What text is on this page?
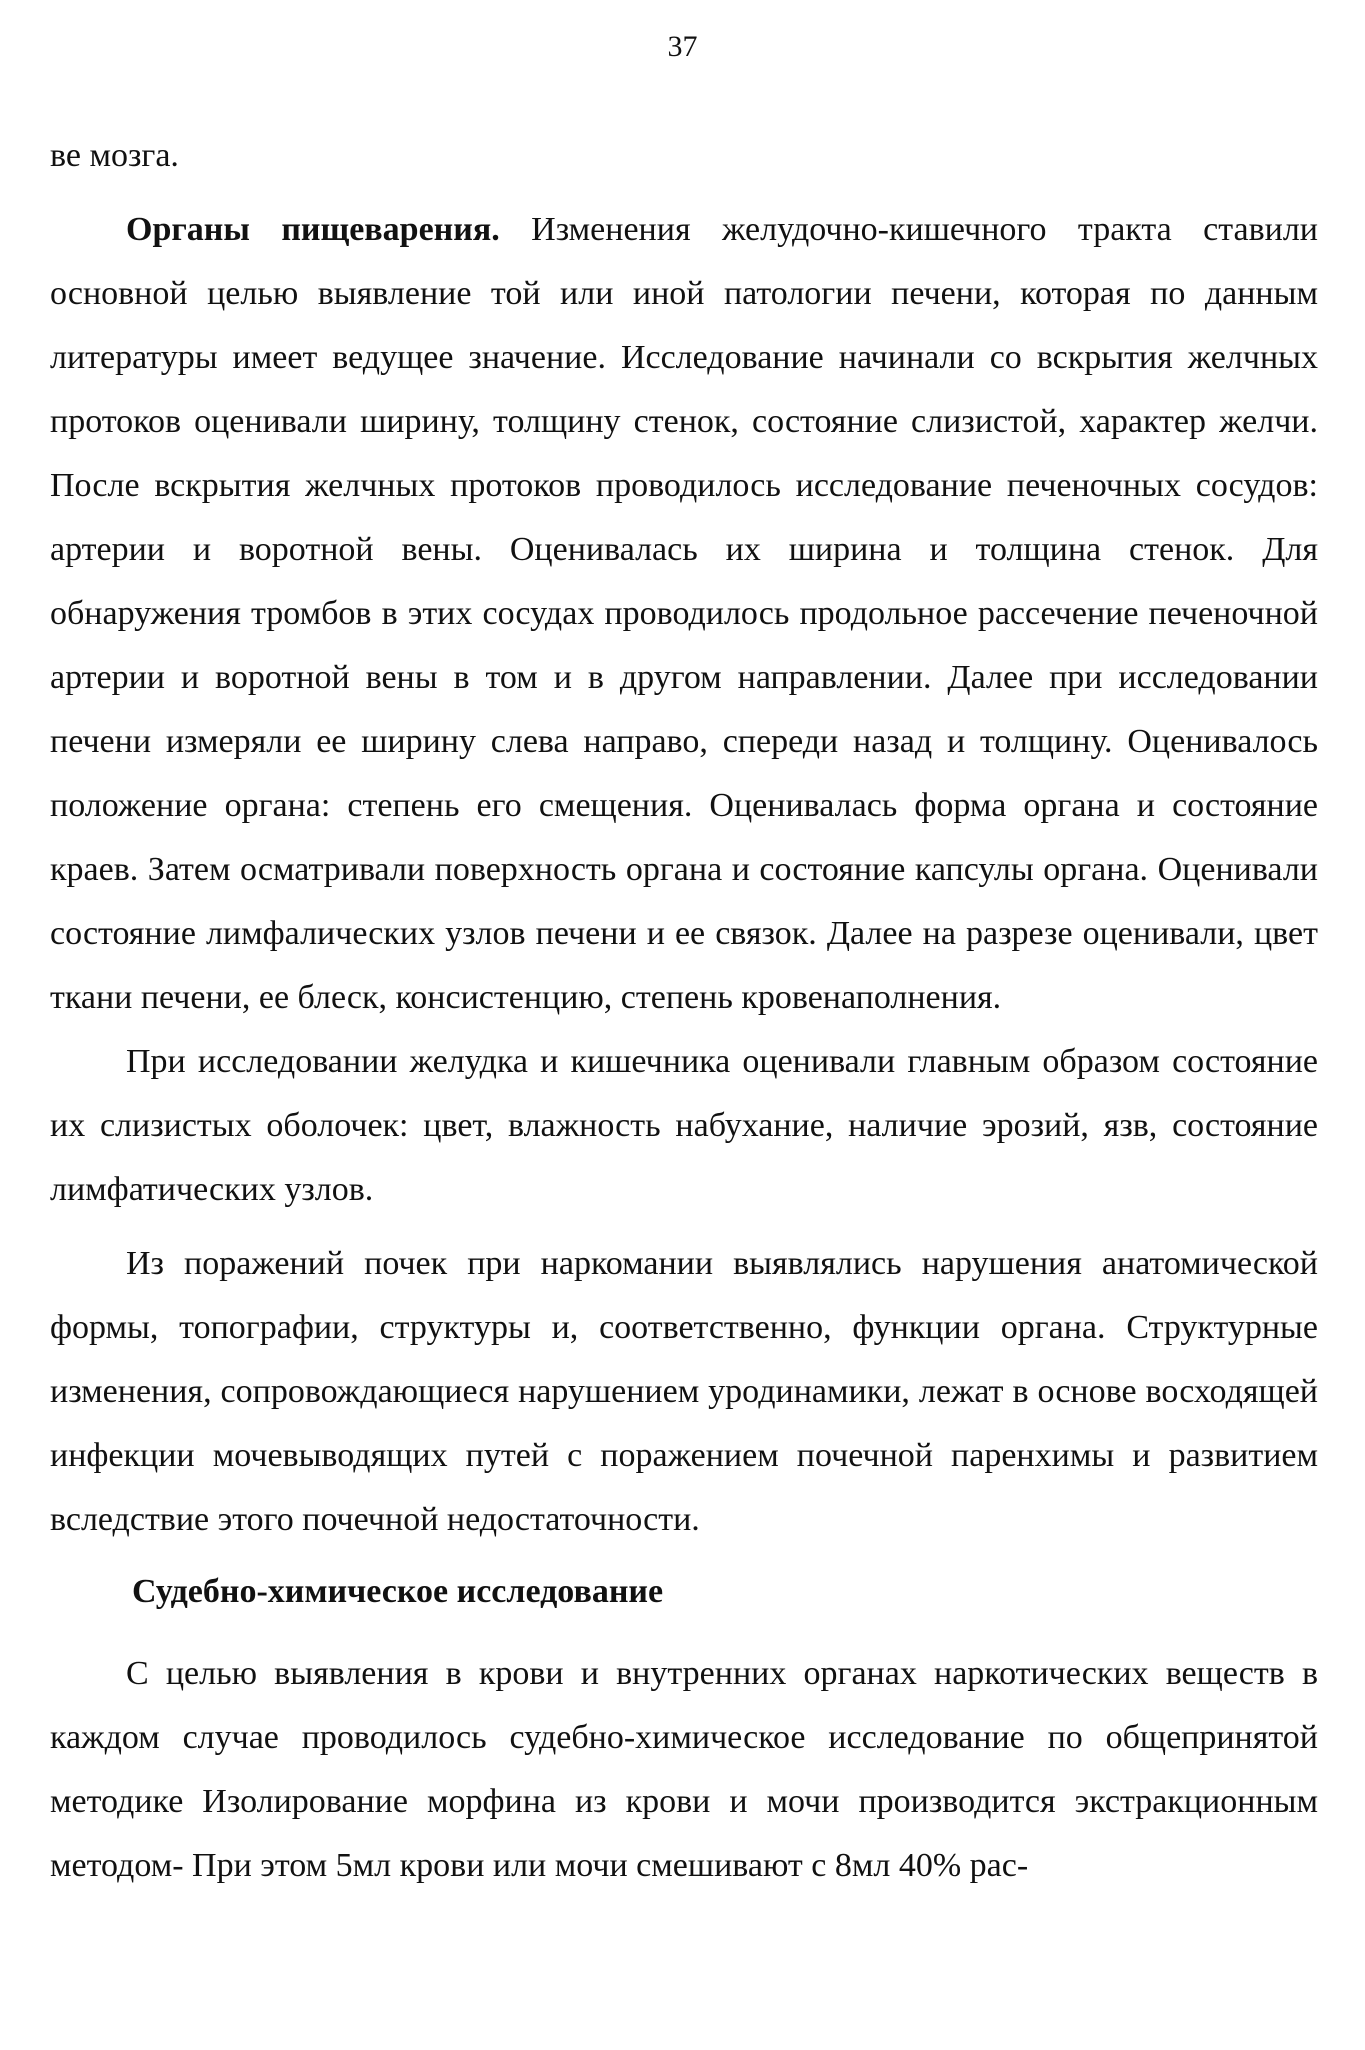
37

ве мозга.

Органы пищеварения. Изменения желудочно-кишечного тракта ставили основной целью выявление той или иной патологии печени, которая по данным литературы имеет ведущее значение. Исследование начинали со вскрытия желчных протоков оценивали ширину, толщину стенок, состояние слизистой, характер желчи. После вскрытия желчных протоков проводилось исследование печеночных сосудов: артерии и воротной вены. Оценивалась их ширина и толщина стенок. Для обнаружения тромбов в этих сосудах проводилось продольное рассечение печеночной артерии и воротной вены в том и в другом направлении. Далее при исследовании печени измеряли ее ширину слева направо, спереди назад и толщину. Оценивалось положение органа: степень его смещения. Оценивалась форма органа и состояние краев. Затем осматривали поверхность органа и состояние капсулы органа. Оценивали состояние лимфалических узлов печени и ее связок. Далее на разрезе оценивали, цвет ткани печени, ее блеск, консистенцию, степень кровенаполнения.

При исследовании желудка и кишечника оценивали главным образом состояние их слизистых оболочек: цвет, влажность набухание, наличие эрозий, язв, состояние лимфатических узлов.

Из поражений почек при наркомании выявлялись нарушения анатомической формы, топографии, структуры и, соответственно, функции органа. Структурные изменения, сопровождающиеся нарушением уродинамики, лежат в основе восходящей инфекции мочевыводящих путей с поражением почечной паренхимы и развитием вследствие этого почечной недостаточности.

Судебно-химическое исследование

С целью выявления в крови и внутренних органах наркотических веществ в каждом случае проводилось судебно-химическое исследование по общепринятой методике Изолирование морфина из крови и мочи производится экстракционным методом- При этом 5мл крови или мочи смешивают с 8мл 40% рас-
